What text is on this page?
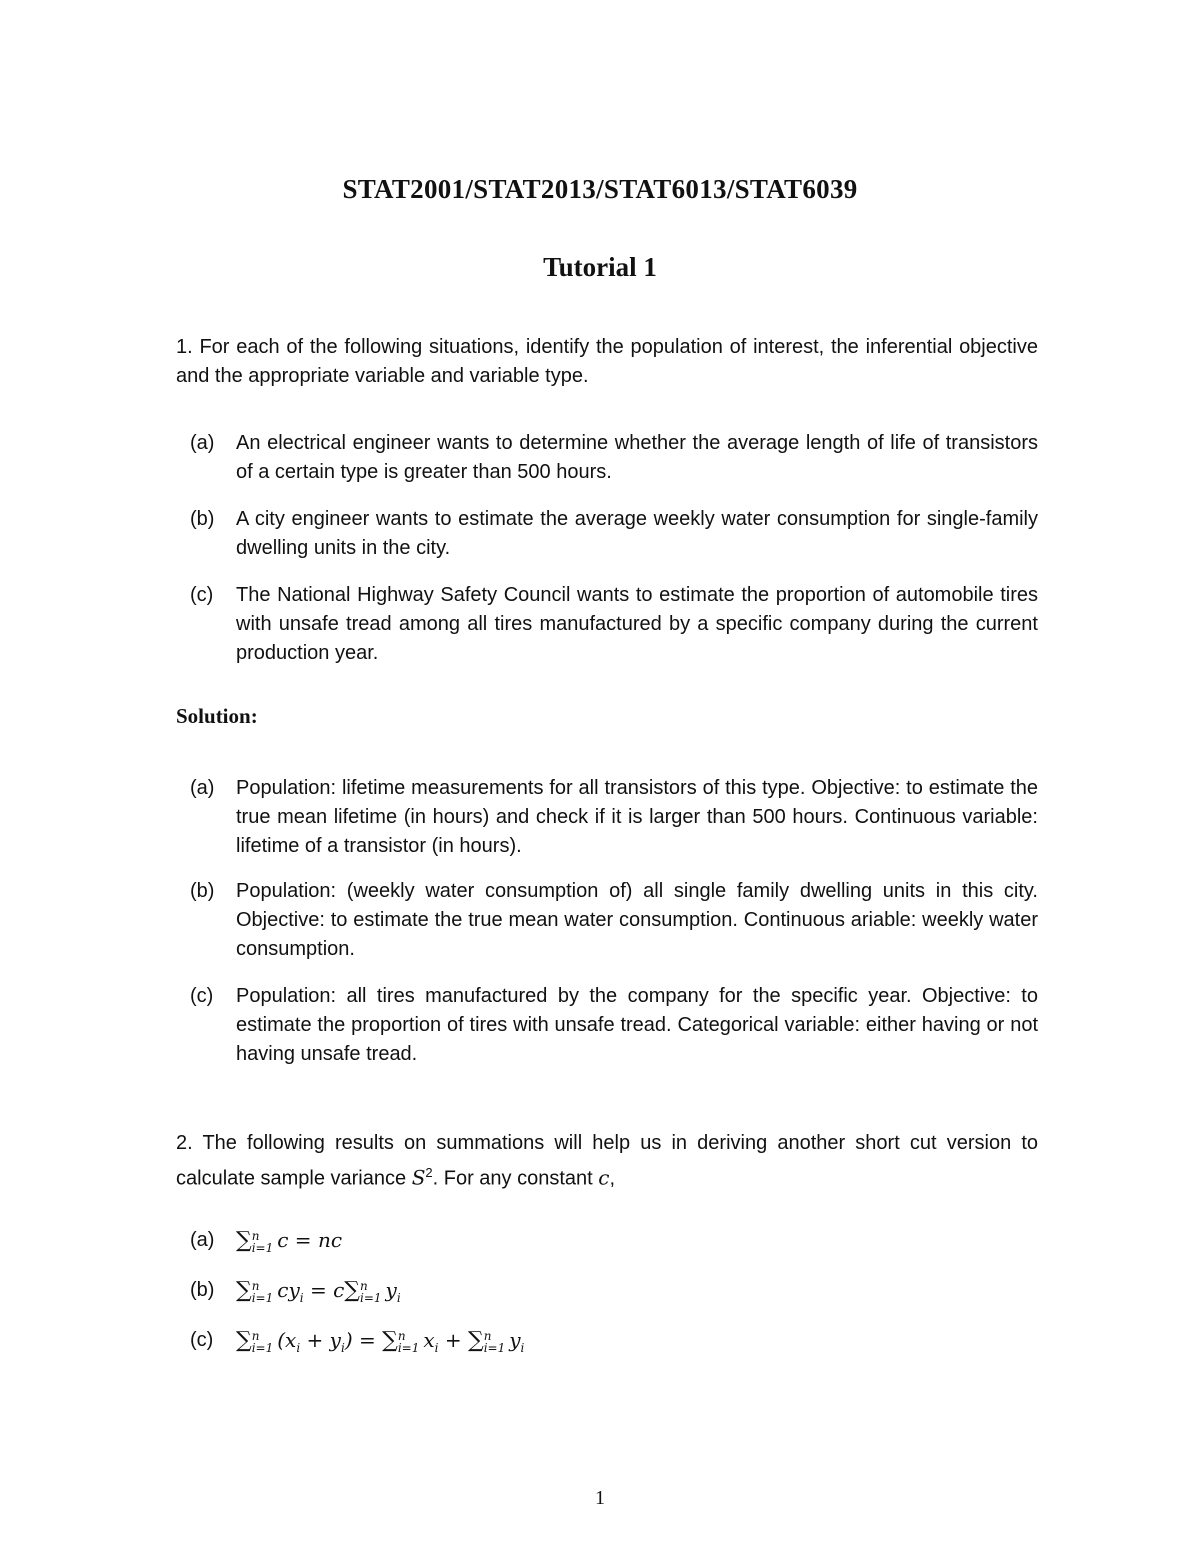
STAT2001/STAT2013/STAT6013/STAT6039
Tutorial 1
1. For each of the following situations, identify the population of interest, the inferential objective and the appropriate variable and variable type.
(a)	An electrical engineer wants to determine whether the average length of life of transistors of a certain type is greater than 500 hours.
(b)	A city engineer wants to estimate the average weekly water consumption for single-family dwelling units in the city.
(c)	The National Highway Safety Council wants to estimate the proportion of automobile tires with unsafe tread among all tires manufactured by a specific company during the current production year.
Solution:
(a)	Population: lifetime measurements for all transistors of this type. Objective: to estimate the true mean lifetime (in hours) and check if it is larger than 500 hours. Continuous variable: lifetime of a transistor (in hours).
(b)	Population: (weekly water consumption of) all single family dwelling units in this city. Objective: to estimate the true mean water consumption. Continuous ariable: weekly water consumption.
(c)	Population: all tires manufactured by the company for the specific year. Objective: to estimate the proportion of tires with unsafe tread. Categorical variable: either having or not having unsafe tread.
2. The following results on summations will help us in deriving another short cut version to calculate sample variance $S^2$. For any constant c,
(a) ∑ n
i=1 c = nc
(b) ∑ n
i=1 $cy_i = c\sum$ n
i=1 $y_i$
(c)	∑ n
i=1 $(x_i + y_i)$ = ∑ n
i=1 $x_i$ + ∑ n
i=1 $y_i$
1
